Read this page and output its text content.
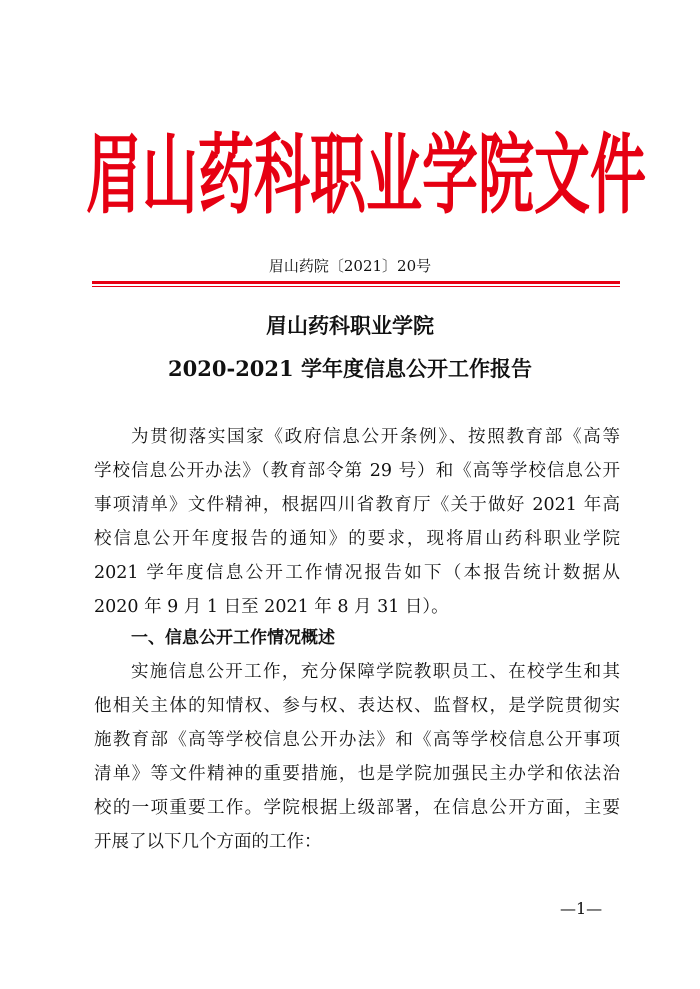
眉山药科职业学院文件
眉山药院〔2021〕20号
眉山药科职业学院
2020-2021 学年度信息公开工作报告
为贯彻落实国家《政府信息公开条例》、按照教育部《高等
学校信息公开办法》（教育部令第 29 号）和《高等学校信息公开
事项清单》文件精神，根据四川省教育厅《关于做好 2021 年高
校信息公开年度报告的通知》的要求，现将眉山药科职业学院
2021 学年度信息公开工作情况报告如下（本报告统计数据从
2020 年 9 月 1 日至 2021 年 8 月 31 日）。
一、信息公开工作情况概述
实施信息公开工作，充分保障学院教职员工、在校学生和其
他相关主体的知情权、参与权、表达权、监督权，是学院贯彻实
施教育部《高等学校信息公开办法》和《高等学校信息公开事项
清单》等文件精神的重要措施，也是学院加强民主办学和依法治
校的一项重要工作。学院根据上级部署，在信息公开方面，主要
开展了以下几个方面的工作：
—1—
